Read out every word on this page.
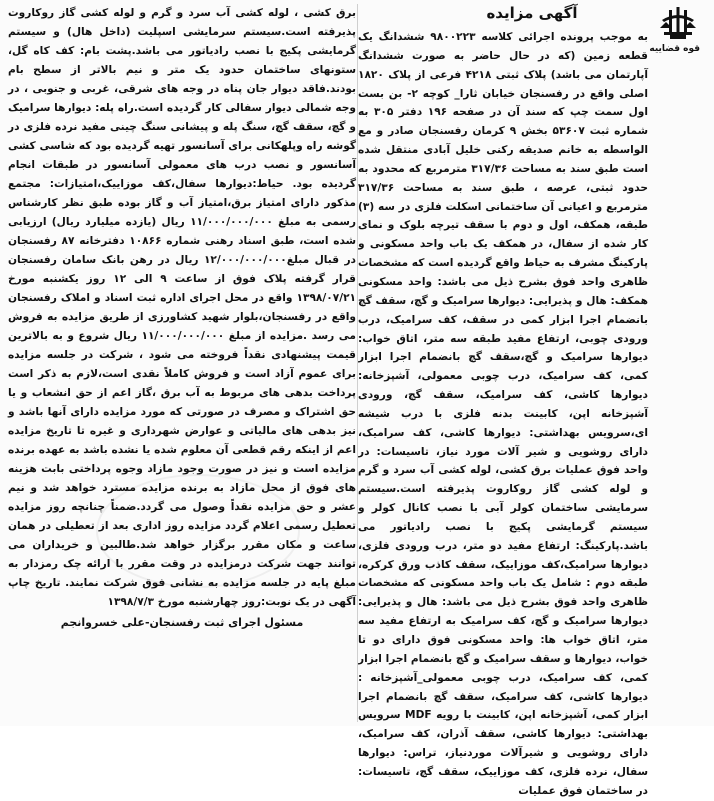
قوه قضاییه
آگهی مزایده

به موجب پرونده اجرائی کلاسه ۹۸۰۰۲۲۳ ششدانگ یک قطعه زمین (که در حال حاضر به صورت ششدانگ آپارتمان می باشد) پلاک ثبتی ۴۲۱۸ فرعی از پلاک ۱۸۲۰ اصلی واقع در رفسنجان خیابان ثارا_ کوچه ۲- بن بست اول سمت چپ که سند آن در صفحه ۱۹۶ دفتر ۳۰۵ به شماره ثبت ۵۳۶۰۷ بخش ۹ کرمان رفسنجان صادر و مع الواسطه به خانم صدیقه رکنی خلیل آبادی منتقل شده است طبق سند به مساحت ۳۱۷/۳۶ مترمربع که محدود به حدود ثبتی، عرصه ، طبق سند به مساحت ۳۱۷/۳۶ مترمربع و اعیانی آن ساختمانی اسکلت فلزی در سه (۳) طبقه، همکف، اول و دوم با سقف تیرچه بلوک و نمای کار شده از سفال، در همکف یک باب واحد مسکونی و پارکینگ مشرف به حیاط واقع گردیده است که مشخصات ظاهری واحد فوق بشرح ذیل می باشد: واحد مسکونی همکف: هال و پذیرایی: دیوارها سرامیک و گچ، سقف گچ بانضمام اجرا ابزار کمی در سقف، کف سرامیک، درب ورودی چوبی، ارتفاع مفید طبقه سه متر، اتاق خواب: دیوارها سرامیک و گچ،سقف گچ بانضمام اجرا ابزار کمی، کف سرامیک، درب چوبی معمولی، آشپزخانه: دیوارها کاشی، کف سرامیک، سقف گچ، ورودی آشپزخانه اپن، کابینت بدنه فلزی با درب شیشه ای،سرویس بهداشتی: دیوارها کاشی، کف سرامیک، دارای روشویی و شیر آلات مورد نیاز، تاسیسات: در واحد فوق عملیات برق کشی، لوله کشی آب سرد و گرم و لوله کشی گاز روکاروت پذیرفته است.سیستم سرمایشی ساختمان کولر آبی با نصب کانال کولر و سیستم گرمایشی پکیج با نصب رادیاتور می باشد.پارکینگ: ارتفاع مفید دو متر، درب ورودی فلزی، دیوارها سرامیک،کف موزاییک، سقف کاذب ورق کرکره، طبقه دوم : شامل یک باب واحد مسکونی که مشخصات ظاهری واحد فوق بشرح ذیل می باشد: هال و پذیرایی: دیوارها سرامیک و گچ، کف سرامیک به ارتفاع مفید سه متر، اتاق خواب ها: واحد مسکونی فوق دارای دو تا خواب، دیوارها و سقف سرامیک و گچ بانضمام اجرا ابزار کمی، کف سرامیک، درب چوبی معمولی_آشپزخانه : دیوارها کاشی، کف سرامیک، سقف گچ بانضمام اجرا ابزار کمی، آشپزخانه اپن، کابینت با رویه MDF سرویس بهداشتی: دیوارها کاشی، سقف آذران، کف سرامیک، دارای روشویی و شیرآلات موردنیاز، تراس: دیوارها سفال، نرده فلزی، کف موزاییک، سقف گچ، تاسیسات: در ساختمان فوق عملیات

برق کشی ، لوله کشی آب سرد و گرم و لوله کشی گاز روکاروت پذیرفته است.سیستم سرمایشی اسپلیت (داخل هال) و سیستم گرمایشی پکیج با نصب رادیاتور می باشد.پشت بام: کف کاه گل، ستونهای ساختمان حدود یک متر و نیم بالاتر از سطح بام بودند.فاقد دیوار جان پناه در وجه های شرقی، غربی و جنوبی ، در وجه شمالی دیوار سفالی کار گردیده است.راه پله: دیوارها سرامیک و گچ، سقف گچ، سنگ پله و پیشانی سنگ چینی مفید نرده فلزی در گوشه راه وپلهکانی برای آسانسور تهیه گردیده بود که شاسی کشی آسانسور و نصب درب های معمولی آسانسور در طبقات انجام گردیده بود. حیاط:دیوارها سفال،کف موزاییک،امتیازات: مجتمع مذکور دارای امتیاز برق،امتیاز آب و گاز بوده طبق نظر کارشناس رسمی به مبلغ ۱۱/۰۰۰/۰۰۰/۰۰۰ ریال (یازده میلیارد ریال) ارزیابی شده است، طبق اسناد رهنی شماره ۱۰۸۶۶ دفترخانه ۸۷ رفسنجان در قبال مبلغ۱۲/۰۰۰/۰۰۰/۰۰۰ ریال در رهن بانک سامان رفسنجان قرار گرفته پلاک فوق از ساعت ۹ الی ۱۲ روز یکشنبه مورخ ۱۳۹۸/۰۷/۲۱ واقع در محل اجرای اداره ثبت اسناد و املاک رفسنجان واقع در رفسنجان،بلوار شهید کشاورزی از طریق مزایده به فروش می رسد .مزایده از مبلغ ۱۱/۰۰۰/۰۰۰/۰۰۰ ریال شروع و به بالاترین قیمت پیشنهادی نقداً فروخته می شود ، شرکت در جلسه مزایده برای عموم آزاد است و فروش کاملاً نقدی است،لازم به ذکر است پرداخت بدهی های مربوط به آب برق ،گاز اعم از حق انشعاب و یا حق اشتراک و مصرف در صورتی که مورد مزایده دارای آنها باشد و نیز بدهی های مالیاتی و عوارض شهرداری و غیره تا تاریخ مزایده اعم از اینکه رقم قطعی آن معلوم شده یا نشده باشد به عهده برنده مزایده است و نیز در صورت وجود مازاد وجوه پرداختی بابت هزینه های فوق از محل مازاد به برنده مزایده مسترد خواهد شد و نیم عشر و حق مزایده نقداً وصول می گردد.ضمناً چنانچه روز مزایده تعطیل رسمی اعلام گردد مزایده روز اداری بعد از تعطیلی در همان ساعت و مکان مقرر برگزار خواهد شد.طالبین و خریداران می توانند جهت شرکت درمزایده در وقت مقرر با ارائه چک رمزدار به مبلغ پایه در جلسه مزایده به نشانی فوق شرکت نمایند. تاریخ چاپ آگهی در یک نوبت:روز چهارشنبه مورخ ۱۳۹۸/۷/۳

مسئول اجرای ثبت رفسنجان-علی خسروانجم
